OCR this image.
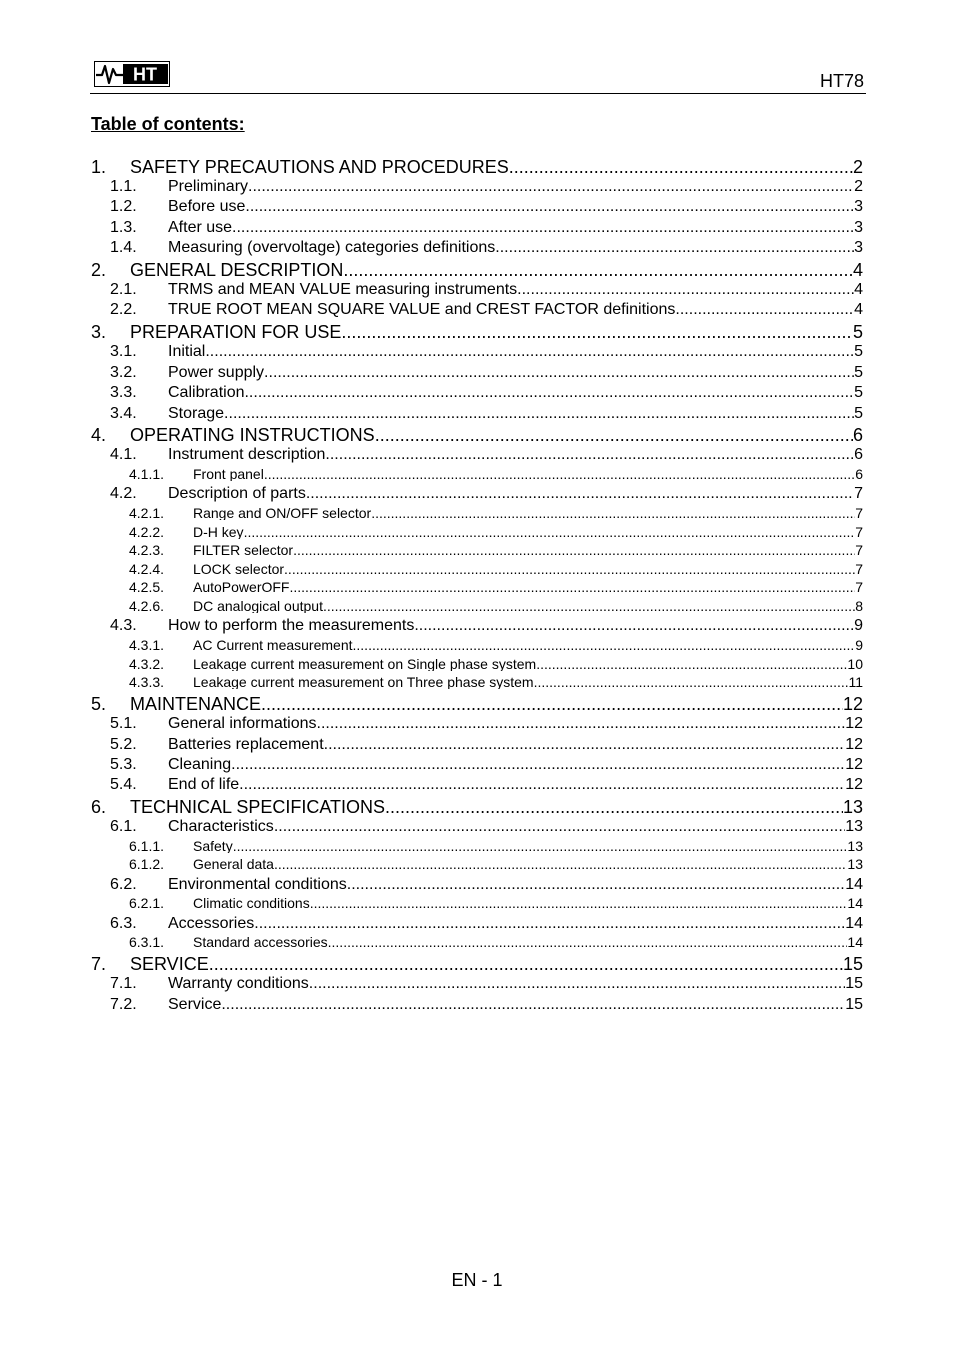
HT	HT78
Table of contents:
1.	SAFETY PRECAUTIONS AND PROCEDURES .....	2
1.1.	Preliminary .....	2
1.2.	Before use .....	3
1.3.	After use .....	3
1.4.	Measuring (overvoltage) categories definitions .....	3
2.	GENERAL DESCRIPTION .....	4
2.1.	TRMS and MEAN VALUE measuring instruments .....	4
2.2.	TRUE ROOT MEAN SQUARE VALUE and CREST FACTOR definitions .....	4
3.	PREPARATION FOR USE .....	5
3.1.	Initial .....	5
3.2.	Power supply .....	5
3.3.	Calibration .....	5
3.4.	Storage .....	5
4.	OPERATING INSTRUCTIONS .....	6
4.1.	Instrument description .....	6
4.1.1.	Front panel .....	6
4.2.	Description of parts .....	7
4.2.1.	Range and ON/OFF selector .....	7
4.2.2.	D-H key .....	7
4.2.3.	FILTER selector .....	7
4.2.4.	LOCK selector .....	7
4.2.5.	AutoPowerOFF .....	7
4.2.6.	DC analogical output .....	8
4.3.	How to perform the measurements .....	9
4.3.1.	AC Current measurement .....	9
4.3.2.	Leakage current measurement on Single phase system .....	10
4.3.3.	Leakage current measurement on Three phase system .....	11
5.	MAINTENANCE .....	12
5.1.	General informations .....	12
5.2.	Batteries replacement .....	12
5.3.	Cleaning .....	12
5.4.	End of life .....	12
6.	TECHNICAL SPECIFICATIONS .....	13
6.1.	Characteristics .....	13
6.1.1.	Safety .....	13
6.1.2.	General data .....	13
6.2.	Environmental conditions .....	14
6.2.1.	Climatic conditions .....	14
6.3.	Accessories .....	14
6.3.1.	Standard accessories .....	14
7.	SERVICE .....	15
7.1.	Warranty conditions .....	15
7.2.	Service .....	15
EN - 1
